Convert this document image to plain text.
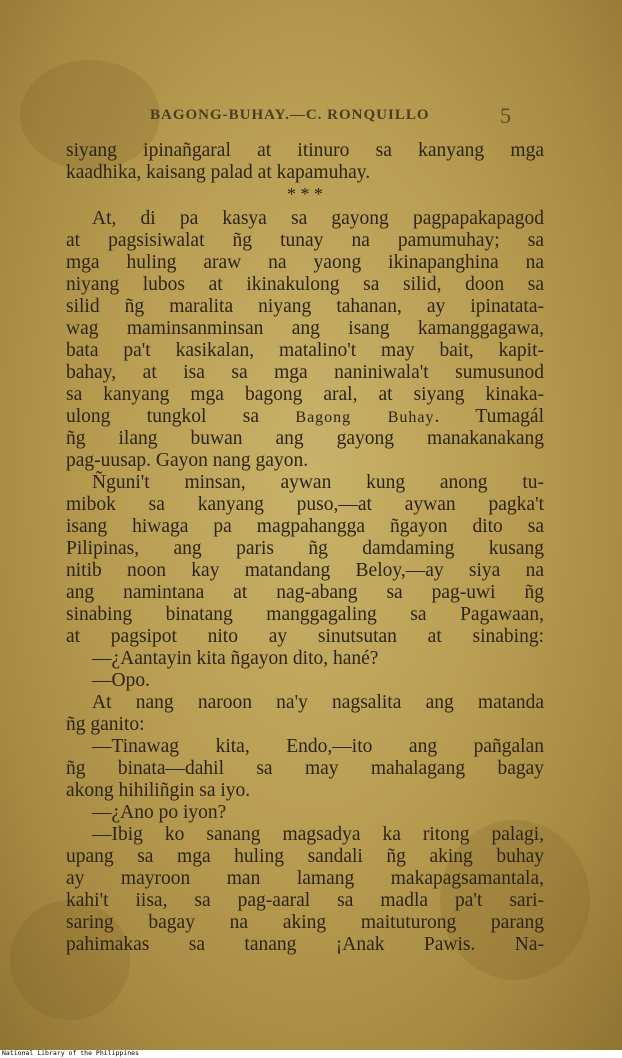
BAGONG-BUHAY.—C. RONQUILLO	5
siyang ipinañgaral at itinuro sa kanyang mga
kaadhika, kaisang palad at kapamuhay.
* * *
At, di pa kasya sa gayong pagpapakapagod
at pagsisiwalat ñg tunay na pamumuhay; sa
mga huling araw na yaong ikinapanghina na
niyang lubos at ikinakulong sa silid, doon sa
silid ñg maralita niyang tahanan, ay ipinatata-
wag maminsanminsan ang isang kamanggagawa,
bata pa't kasikalan, matalino't may bait, kapit-
bahay, at isa sa mga naniniwala't sumusunod
sa kanyang mga bagong aral, at siyang kinaka-
ulong tungkol sa Bagong Buhay. Tumagál
ñg ilang buwan ang gayong manakanakang
pag-uusap. Gayon nang gayon.
Ñguni't minsan, aywan kung anong tu-
mibok sa kanyang puso,—at aywan pagka't
isang hiwaga pa magpahangga ñgayon dito sa
Pilipinas, ang paris ñg damdaming kusang
nitib noon kay matandang Beloy,—ay siya na
ang namintana at nag-abang sa pag-uwi ñg
sinabing binatang manggagaling sa Pagawaan,
at pagsipot nito ay sinutsutan at sinabing:
—¿Aantayin kita ñgayon dito, hané?
—Opo.
At nang naroon na'y nagsalita ang matanda
ñg ganito:
—Tinawag kita, Endo,—ito ang pañgalan
ñg binata—dahil sa may mahalagang bagay
akong hihiliñgin sa iyo.
—¿Ano po iyon?
—Ibig ko sanang magsadya ka ritong palagi,
upang sa mga huling sandali ñg aking buhay
ay mayroon man lamang makapagsamantala,
kahi't iisa, sa pag-aaral sa madla pa't sari-
saring bagay na aking maituturong parang
pahimakas sa tanang ¡Anak Pawis. Na-
National Library of the Philippines
